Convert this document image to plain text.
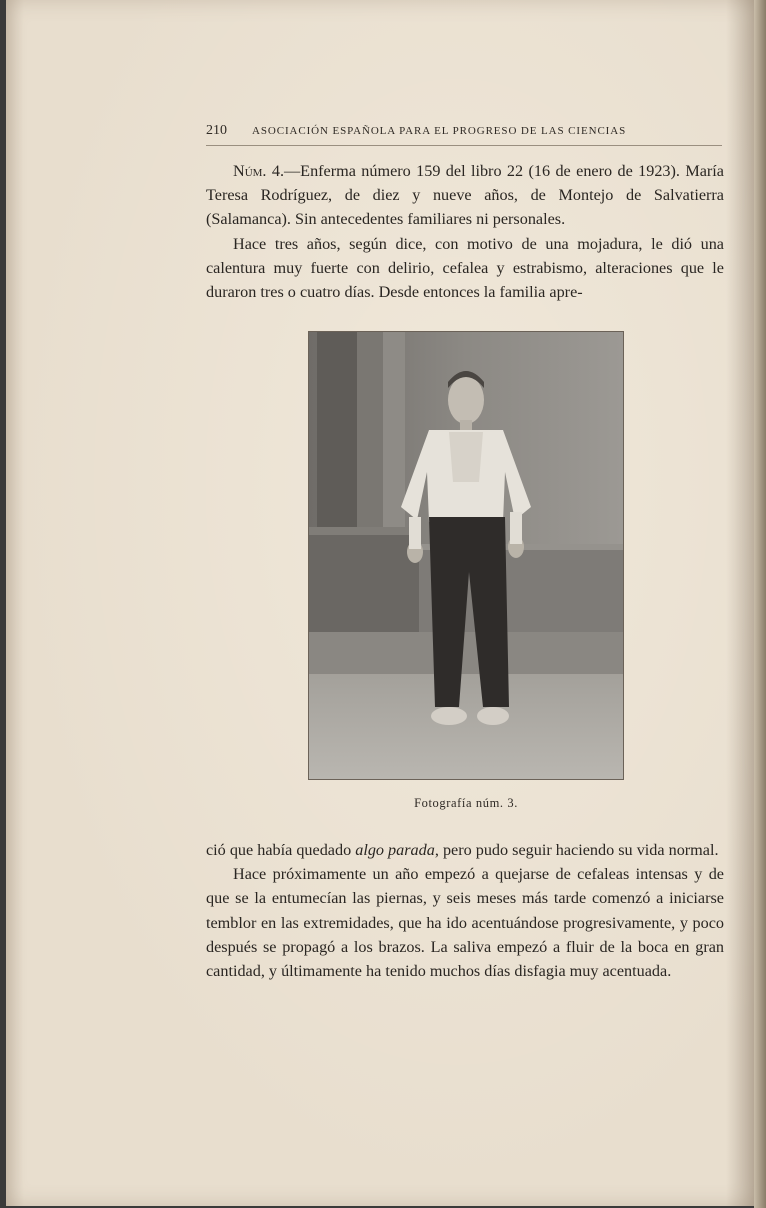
210 ASOCIACIÓN ESPAÑOLA PARA EL PROGRESO DE LAS CIENCIAS

Núm. 4.—Enferma número 159 del libro 22 (16 de enero de 1923). María Teresa Rodríguez, de diez y nueve años, de Montejo de Salvatierra (Salamanca). Sin antecedentes familiares ni personales.

Hace tres años, según dice, con motivo de una mojadura, le dió una calentura muy fuerte con delirio, cefalea y estrabismo, alteraciones que le duraron tres o cuatro días. Desde entonces la familia apre-

Fotografía núm. 3.

ció que había quedado algo parada, pero pudo seguir haciendo su vida normal.

Hace próximamente un año empezó a quejarse de cefaleas intensas y de que se la entumecían las piernas, y seis meses más tarde comenzó a iniciarse temblor en las extremidades, que ha ido acentuándose progresivamente, y poco después se propagó a los brazos. La saliva empezó a fluir de la boca en gran cantidad, y últimamente ha tenido muchos días disfagia muy acentuada.
